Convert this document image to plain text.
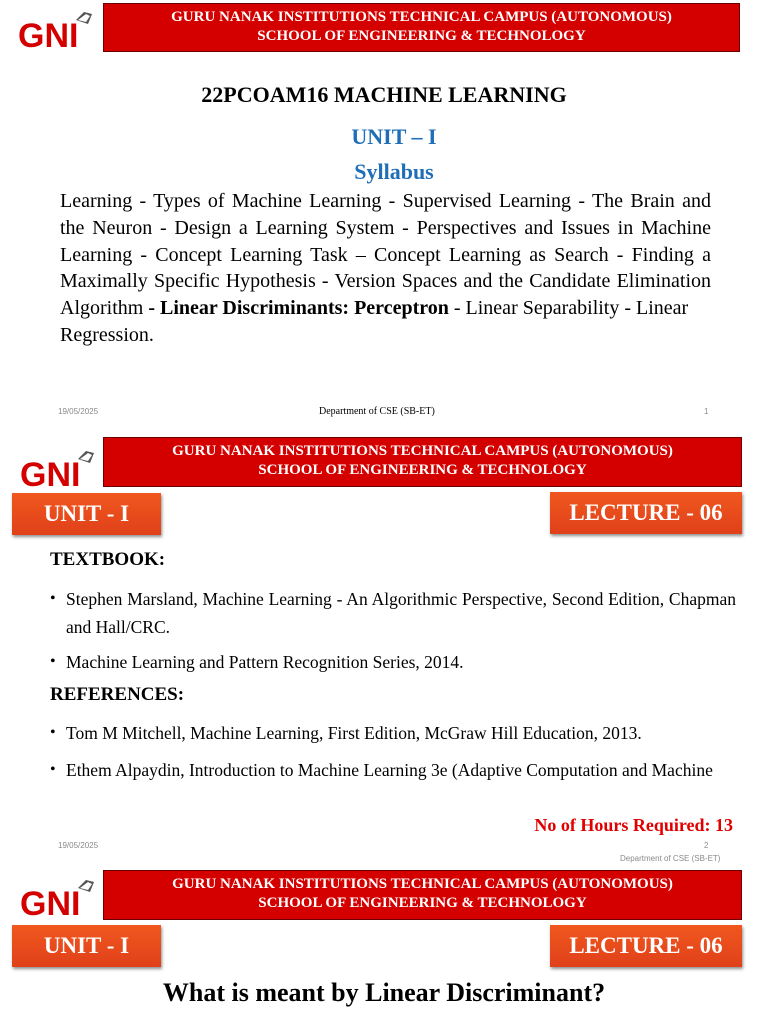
GNI	GURU NANAK INSTITUTIONS TECHNICAL CAMPUS (AUTONOMOUS)
SCHOOL OF ENGINEERING & TECHNOLOGY
22PCOAM16 MACHINE LEARNING
UNIT – I
Syllabus
Learning - Types of Machine Learning - Supervised Learning - The Brain and the Neuron - Design a Learning System - Perspectives and Issues in Machine Learning - Concept Learning Task – Concept Learning as Search - Finding a Maximally Specific Hypothesis - Version Spaces and the Candidate Elimination Algorithm - Linear Discriminants: Perceptron - Linear Separability - Linear
Regression.
19/05/2025	Department of CSE (SB-ET)	1
GNI
GURU NANAK INSTITUTIONS TECHNICAL CAMPUS (AUTONOMOUS)
SCHOOL OF ENGINEERING & TECHNOLOGY
UNIT - I	LECTURE - 06
TEXTBOOK:
• Stephen Marsland, Machine Learning - An Algorithmic Perspective, Second Edition, Chapman and Hall/CRC.
• Machine Learning and Pattern Recognition Series, 2014.
REFERENCES:
• Tom M Mitchell, Machine Learning, First Edition, McGraw Hill Education, 2013.
• Ethem Alpaydin, Introduction to Machine Learning 3e (Adaptive Computation and Machine
No of Hours Required: 13
19/05/2025	2
Department of CSE (SB-ET)
GNI
GURU NANAK INSTITUTIONS TECHNICAL CAMPUS (AUTONOMOUS)
SCHOOL OF ENGINEERING & TECHNOLOGY
UNIT - I	LECTURE - 06
What is meant by Linear Discriminant?
